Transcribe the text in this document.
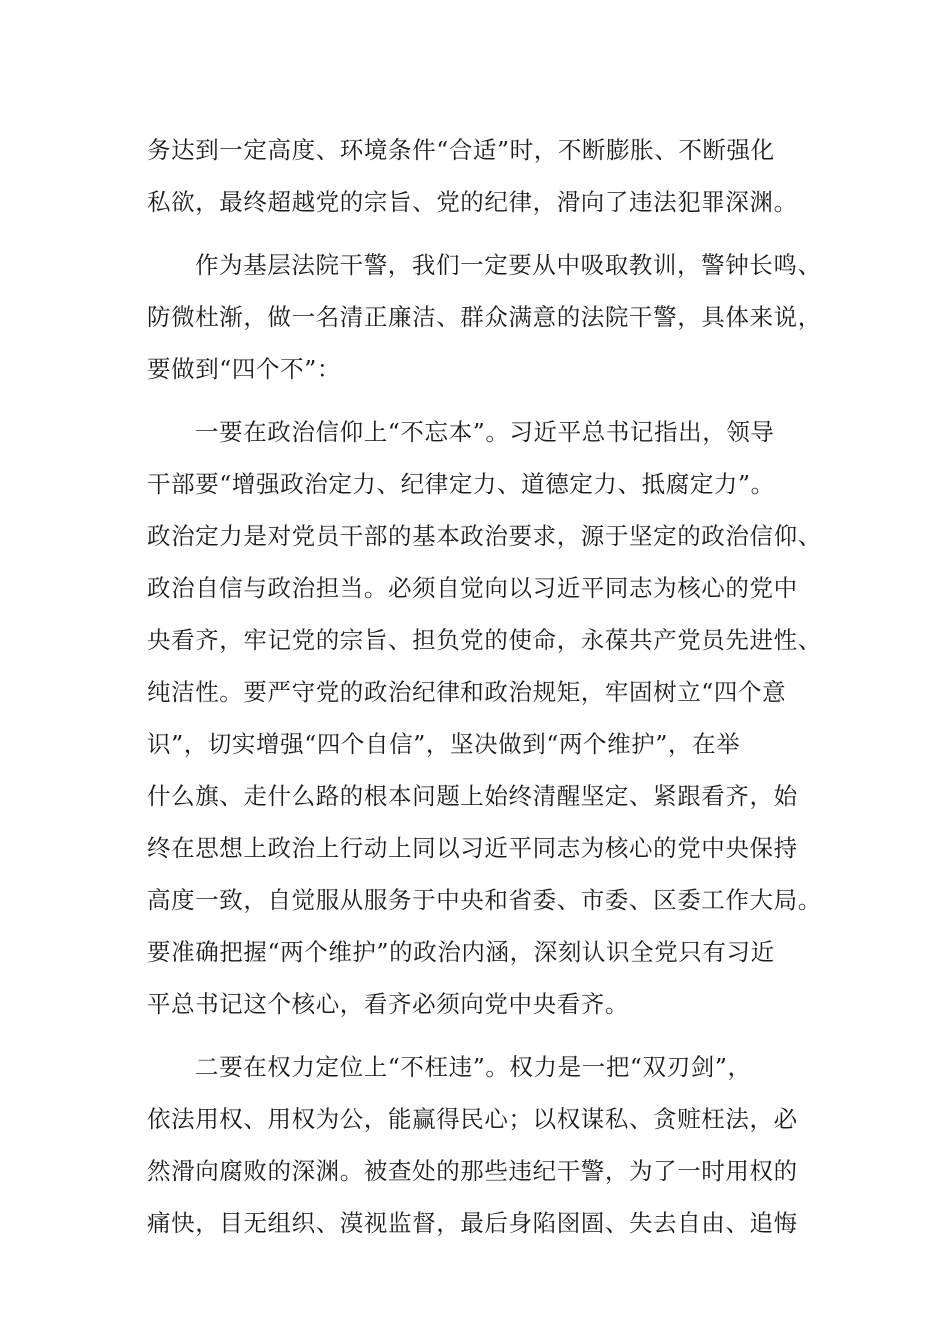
务达到一定高度、环境条件“合适”时，不断膨胀、不断强化
私欲，最终超越党的宗旨、党的纪律，滑向了违法犯罪深渊。
作为基层法院干警，我们一定要从中吸取教训，警钟长鸣、
防微杜渐，做一名清正廉洁、群众满意的法院干警，具体来说，
要做到“四个不”：
一要在政治信仰上“不忘本”。习近平总书记指出，领导
干部要“增强政治定力、纪律定力、道德定力、抵腐定力”。
政治定力是对党员干部的基本政治要求，源于坚定的政治信仰、
政治自信与政治担当。必须自觉向以习近平同志为核心的党中
央看齐，牢记党的宗旨、担负党的使命，永葆共产党员先进性、
纯洁性。要严守党的政治纪律和政治规矩，牢固树立“四个意
识”，切实增强“四个自信”，坚决做到“两个维护”，在举
什么旗、走什么路的根本问题上始终清醒坚定、紧跟看齐，始
终在思想上政治上行动上同以习近平同志为核心的党中央保持
高度一致，自觉服从服务于中央和省委、市委、区委工作大局。
要准确把握“两个维护”的政治内涵，深刻认识全党只有习近
平总书记这个核心，看齐必须向党中央看齐。
二要在权力定位上“不枉违”。权力是一把“双刃剑”，
依法用权、用权为公，能赢得民心；以权谋私、贪赃枉法，必
然滑向腐败的深渊。被查处的那些违纪干警，为了一时用权的
痛快，目无组织、漠视监督，最后身陷囹圄、失去自由、追悔
